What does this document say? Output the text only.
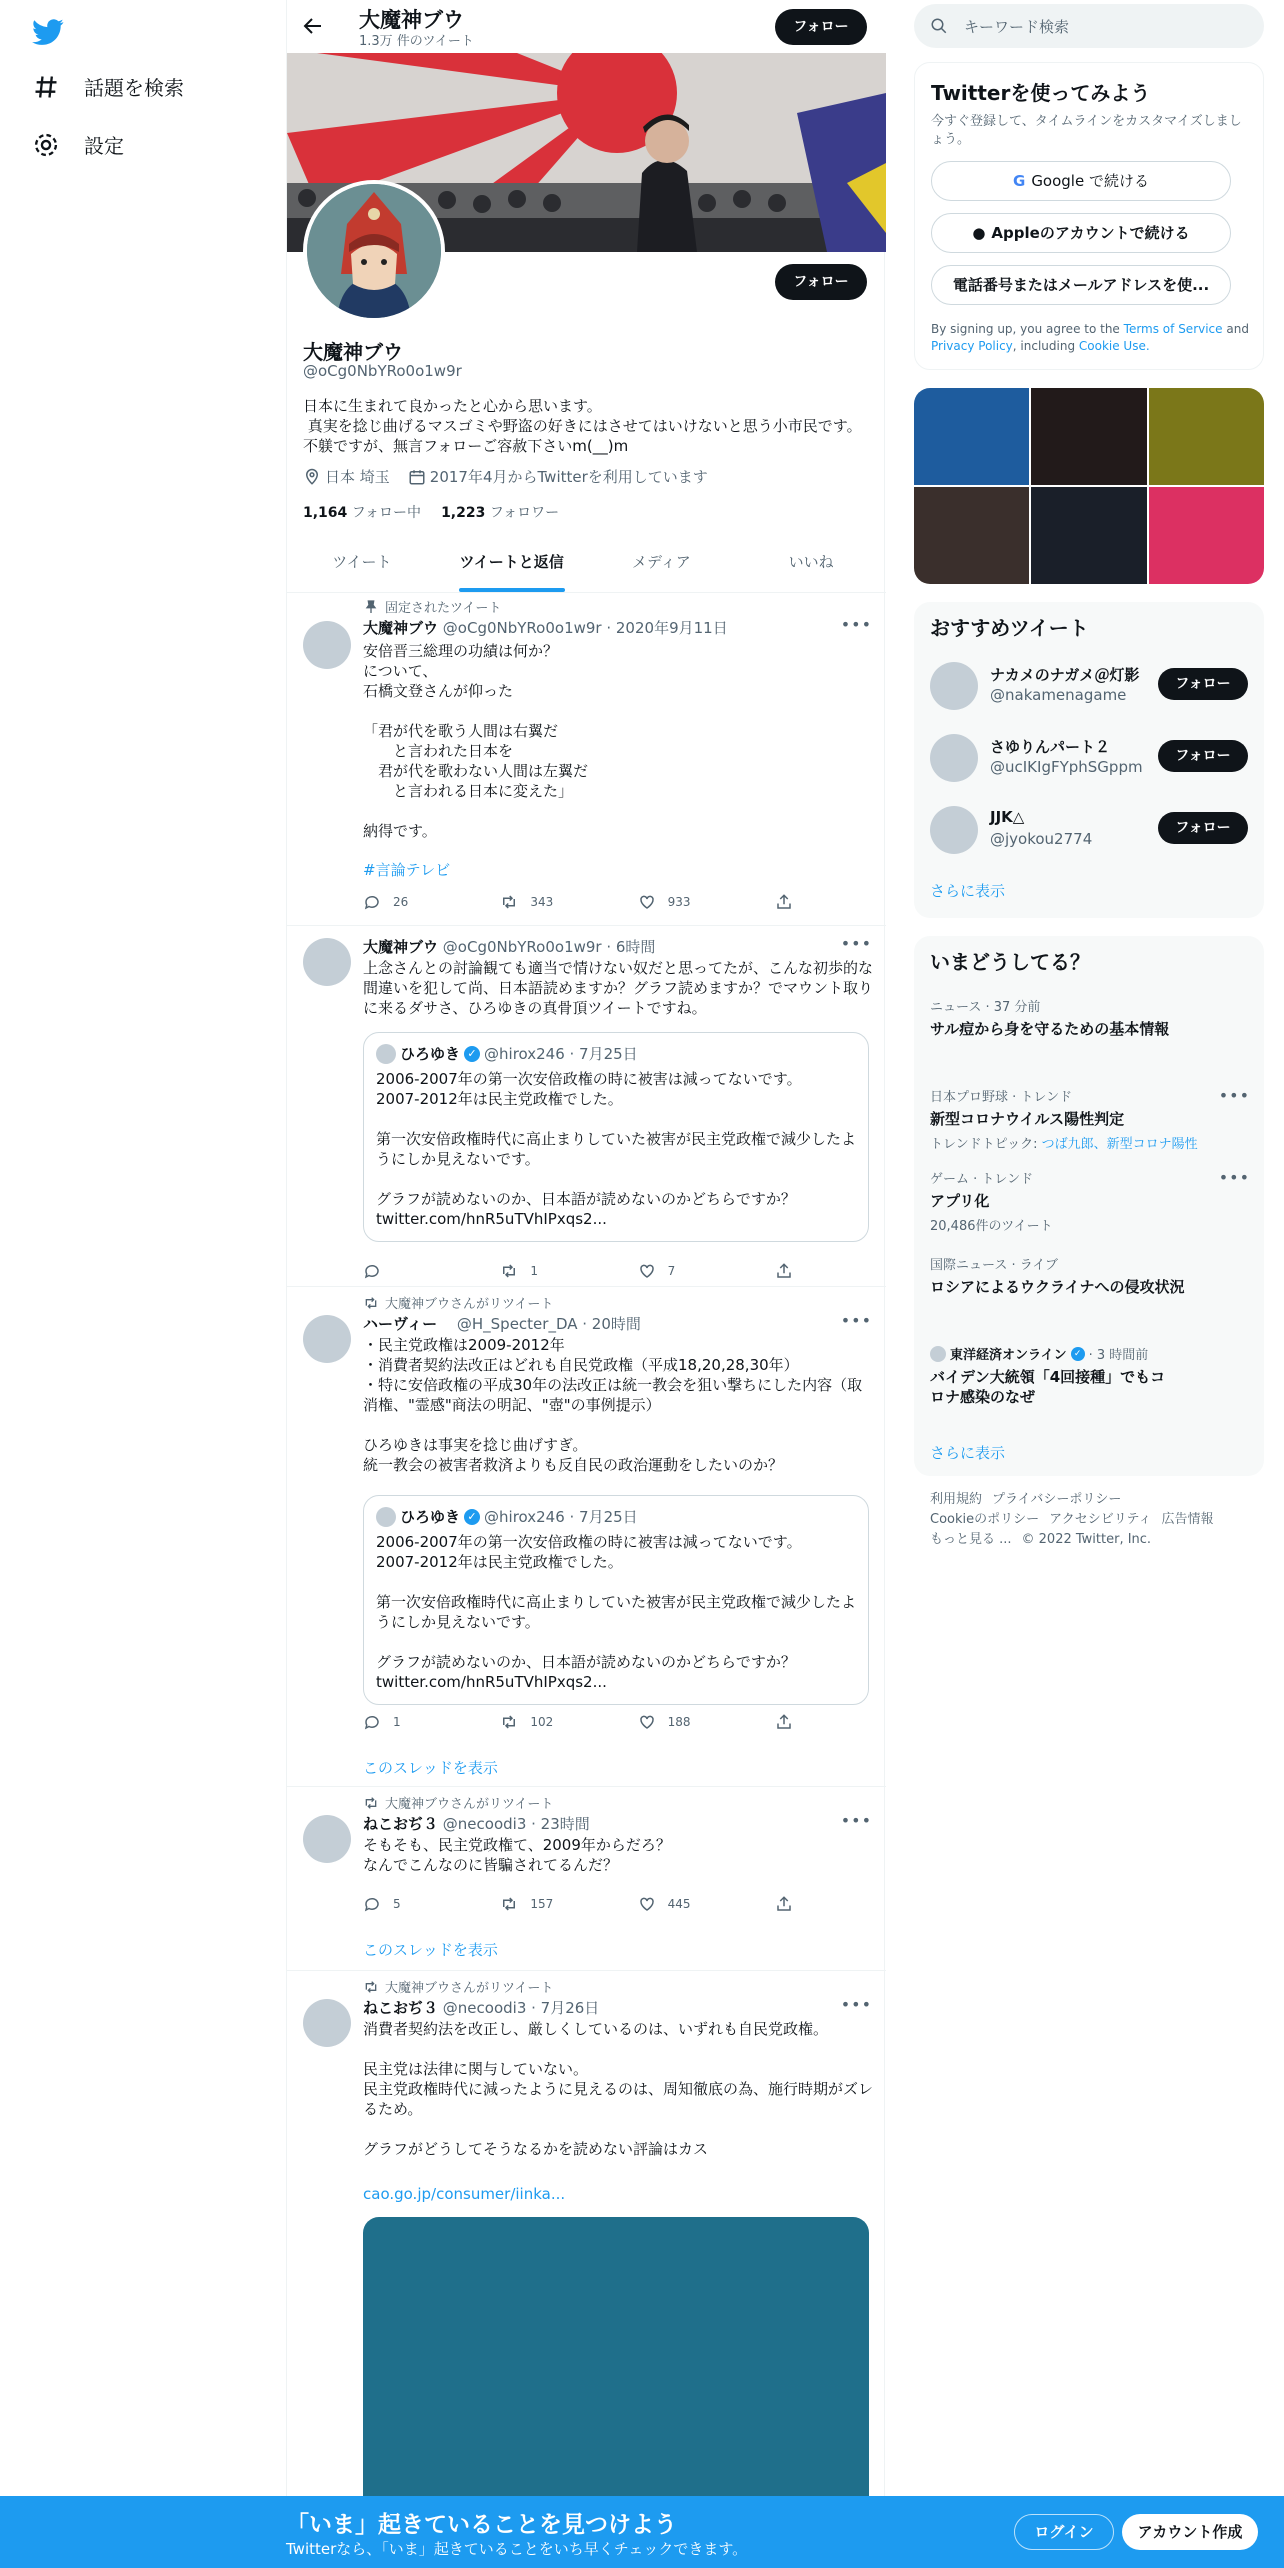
話題を検索
設定
大魔神ブウ
1.3万 件のツイート
フォロー
フォロー
大魔神ブウ
@oCg0NbYRo0o1w9r
日本に生まれて良かったと心から思います。
真実を捻じ曲げるマスゴミや野盗の好きにはさせてはいけないと思う小市民です。
不躾ですが、無言フォローご容赦下さいm(__)m
日本 埼玉	2017年4月からTwitterを利用しています
1,164 フォロー中 1,223 フォロワー
ツイート	ツイートと返信	メディア	いいね
固定されたツイート
大魔神ブウ @oCg0NbYRo0o1w9r · 2020年9月11日	•••
安倍晋三総理の功績は何か？
について、
石橋文登さんが仰った

「君が代を歌う人間は右翼だ
　　と言われた日本を
　君が代を歌わない人間は左翼だ
　　と言われる日本に変えた」

納得です。
#言論テレビ
26	343	933
大魔神ブウ @oCg0NbYRo0o1w9r · 6時間	•••
上念さんとの討論観ても適当で情けない奴だと思ってたが、こんな初歩的な間違いを犯して尚、日本語読めますか？グラフ読めますか？でマウント取りに来るダサさ、ひろゆきの真骨頂ツイートですね。
ひろゆき ✓ @hirox246 · 7月25日
2006-2007年の第一次安倍政権の時に被害は減ってないです。
2007-2012年は民主党政権でした。

第一次安倍政権時代に高止まりしていた被害が民主党政権で減少したようにしか見えないです。

グラフが読めないのか、日本語が読めないのかどちらですか？
twitter.com/hnR5uTVhIPxqs2...
1	7
大魔神ブウさんがリツイート
ハーヴィー　 @H_Specter_DA · 20時間	•••
・民主党政権は2009-2012年
・消費者契約法改正はどれも自民党政権（平成18,20,28,30年）
・特に安倍政権の平成30年の法改正は統一教会を狙い撃ちにした内容（取消権、"霊感"商法の明記、"壺"の事例提示）

ひろゆきは事実を捻じ曲げすぎ。
統一教会の被害者救済よりも反自民の政治運動をしたいのか？
ひろゆき ✓ @hirox246 · 7月25日
2006-2007年の第一次安倍政権の時に被害は減ってないです。
2007-2012年は民主党政権でした。

第一次安倍政権時代に高止まりしていた被害が民主党政権で減少したようにしか見えないです。

グラフが読めないのか、日本語が読めないのかどちらですか？
twitter.com/hnR5uTVhIPxqs2...
1	102	188
このスレッドを表示
大魔神ブウさんがリツイート
ねこおぢ３ @necoodi3 · 23時間	•••
そもそも、民主党政権て、2009年からだろ？
なんでこんなのに皆騙されてるんだ？
5	157	445
このスレッドを表示
大魔神ブウさんがリツイート
ねこおぢ３ @necoodi3 · 7月26日	•••
消費者契約法を改正し、厳しくしているのは、いずれも自民党政権。

民主党は法律に関与していない。
民主党政権時代に減ったように見えるのは、周知徹底の為、施行時期がズレるため。

グラフがどうしてそうなるかを読めない評論はカス
cao.go.jp/consumer/iinka...
キーワード検索
Twitterを使ってみよう
今すぐ登録して、タイムラインをカスタマイズしましょう。
G Google で続ける
● Appleのアカウントで続ける
電話番号またはメールアドレスを使...
By signing up, you agree to the Terms of Service and Privacy Policy, including Cookie Use.
おすすめツイート
ナカメのナガメ＠灯影
@nakamenagame
フォロー
さゆりんパート２
@ucIKIgFYphSGppm
フォロー
JJK△
@jyokou2774
フォロー
さらに表示
いまどうしてる？
ニュース · 37 分前
サル痘から身を守るための基本情報
日本プロ野球 · トレンド
新型コロナウイルス陽性判定
トレンドトピック: つば九郎、新型コロナ陽性
•••
ゲーム · トレンド
アプリ化
20,486件のツイート
•••
国際ニュース · ライブ
ロシアによるウクライナへの侵攻状況
東洋経済オンライン ✓ · 3 時間前
バイデン大統領「4回接種」でもコロナ感染のなぜ
さらに表示
利用規約 プライバシーポリシー
Cookieのポリシー アクセシビリティ 広告情報
もっと見る ... © 2022 Twitter, Inc.
「いま」起きていることを見つけよう
Twitterなら、「いま」起きていることをいち早くチェックできます。
ログイン	アカウント作成
